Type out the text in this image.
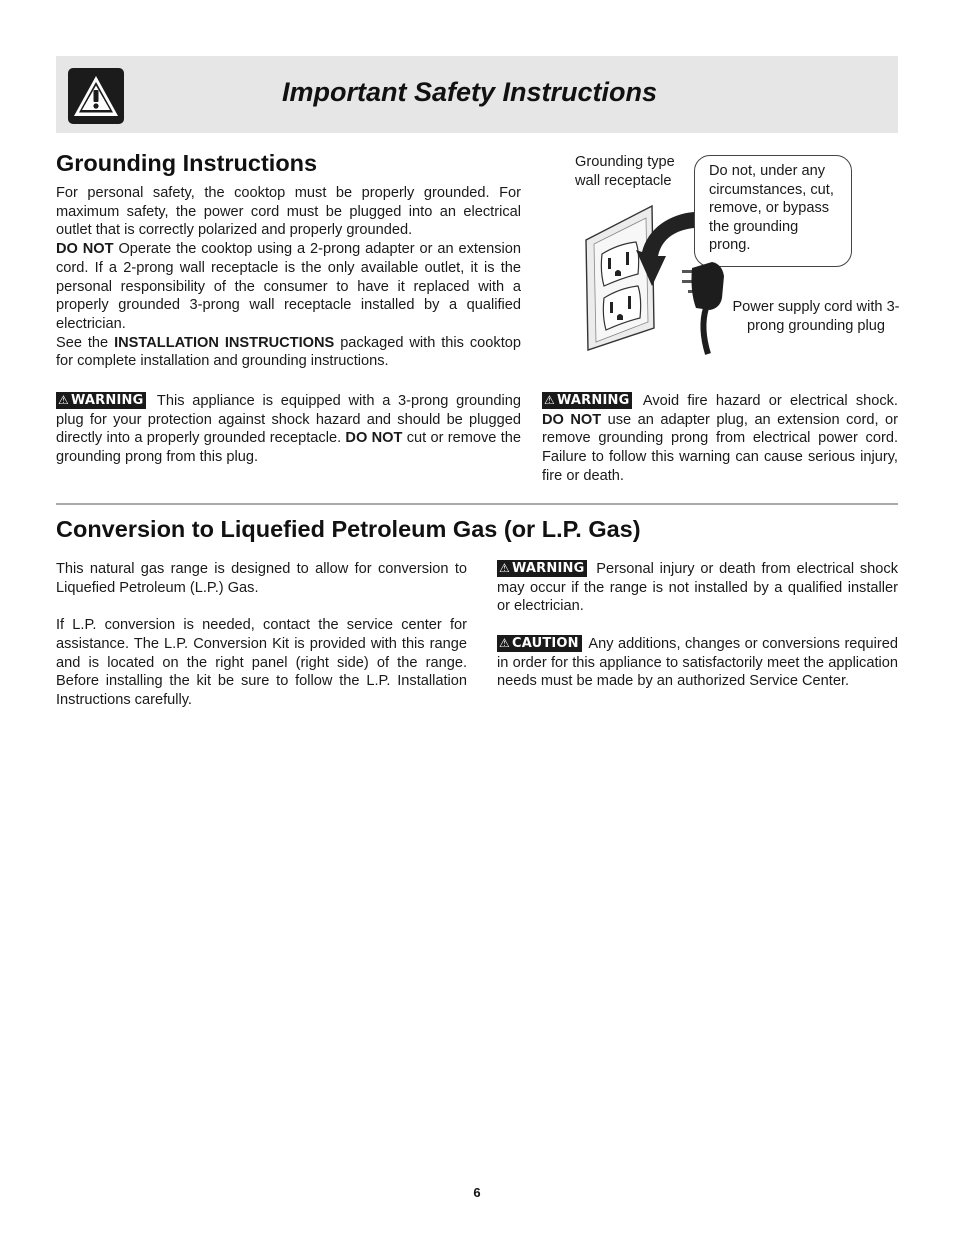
Important Safety Instructions
Grounding Instructions

For personal safety, the cooktop must be properly grounded. For maximum safety, the power cord must be plugged into an electrical outlet that is correctly polarized and properly grounded.

DO NOT Operate the cooktop using a 2-prong adapter or an extension cord. If a 2-prong wall receptacle is the only available outlet, it is the personal responsibility of the consumer to have it replaced with a properly grounded 3-prong wall receptacle installed by a qualified electrician.

See the INSTALLATION INSTRUCTIONS packaged with this cooktop for complete installation and grounding instructions.

⚠ WARNING This appliance is equipped with a 3-prong grounding plug for your protection against shock hazard and should be plugged directly into a properly grounded receptacle. DO NOT cut or remove the grounding prong from this plug.

Grounding type wall receptacle
Do not, under any circumstances, cut, remove, or bypass the grounding prong.
Power supply cord with 3-prong grounding plug

⚠ WARNING Avoid fire hazard or electrical shock. DO NOT use an adapter plug, an extension cord, or remove grounding prong from electrical power cord. Failure to follow this warning can cause serious injury, fire or death.

Conversion to Liquefied Petroleum Gas (or L.P. Gas)

This natural gas range is designed to allow for conversion to Liquefied Petroleum (L.P.) Gas.

If L.P. conversion is needed, contact the service center for assistance. The L.P. Conversion Kit is provided with this range and is located on the right panel (right side) of the range. Before installing the kit be sure to follow the L.P. Installation Instructions carefully.

⚠ WARNING Personal injury or death from electrical shock may occur if the range is not installed by a qualified installer or electrician.

⚠ CAUTION Any additions, changes or conversions required in order for this appliance to satisfactorily meet the application needs must be made by an authorized Service Center.

6
